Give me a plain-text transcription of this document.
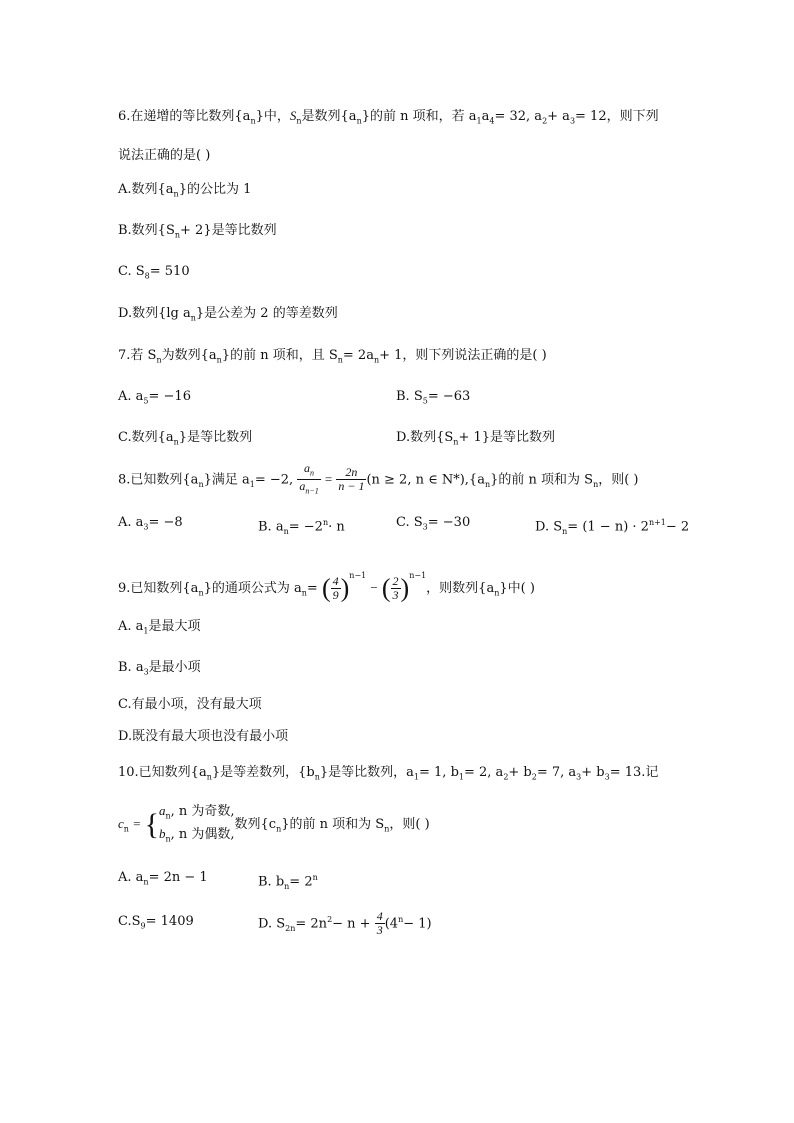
6.在递增的等比数列$\{a_n\}$中，$S_n$是数列$\{a_n\}$的前 n 项和，若 $a_1a_4= 32$, $a_2+ a_3= 12$，则下列
说法正确的是( )
A.数列$\{a_n\}$的公比为 1
B.数列$\{S_n+ 2\}$是等比数列
C. $S_8= 510$
D.数列{lg $a_n$}是公差为 2 的等差数列
7.若 $S_n$为数列$\{a_n\}$的前 n 项和，且 $S_n= 2a_n+ 1$，则下列说法正确的是( )
A. $a_5= -16$	B. $S_5= -63$
C.数列$\{a_n\}$是等比数列	D.数列$\{S_n+ 1\}$是等比数列
8.已知数列$\{a_n\}$满足 $a_1= -2$, $\frac{a_n}{a_{n-1}} = \frac{2n}{n - 1} (n \ge 2$, n ∈ $N*),\{a_n\}$的前 n 项和为 $S_n$，则( )
A. $a_3= -8$	B. $a_n= -2^n\cdot n$	C. $S_3= -30$	D. $S_n= (1 - n) \cdot 2^{n+1}- 2$
9.已知数列$\{a_n\}$的通项公式为 $a_n=$ ( $\frac{4}{9} )^{n-1}$ − ( $\frac{2}{3} )^{n-1}$，则数列$\{a_n\}$中( )
A. $a_1$是最大项
B. $a_3$是最小项
C.有最小项，没有最大项
D.既没有最大项也没有最小项
10.已知数列$\{a_n\}$是等差数列，$\{b_n\}$是等比数列，$a_1= 1$, $b_1= 2$, $a_2+ b_2= 7$, $a_3+ b_3= 13$.记
$c_n$ = { $a_n$, n 为奇数,
$b_n$, n 为偶数,
数列$\{c_n\}$的前 n 项和为 $S_n$，则( )
A. $a_n= 2n - 1$	B. $b_n= 2^n$
$C.S_9= 1409$	D. $S_{2n}= 2n^2- n + \frac{4}{3} (4^n- 1)$
